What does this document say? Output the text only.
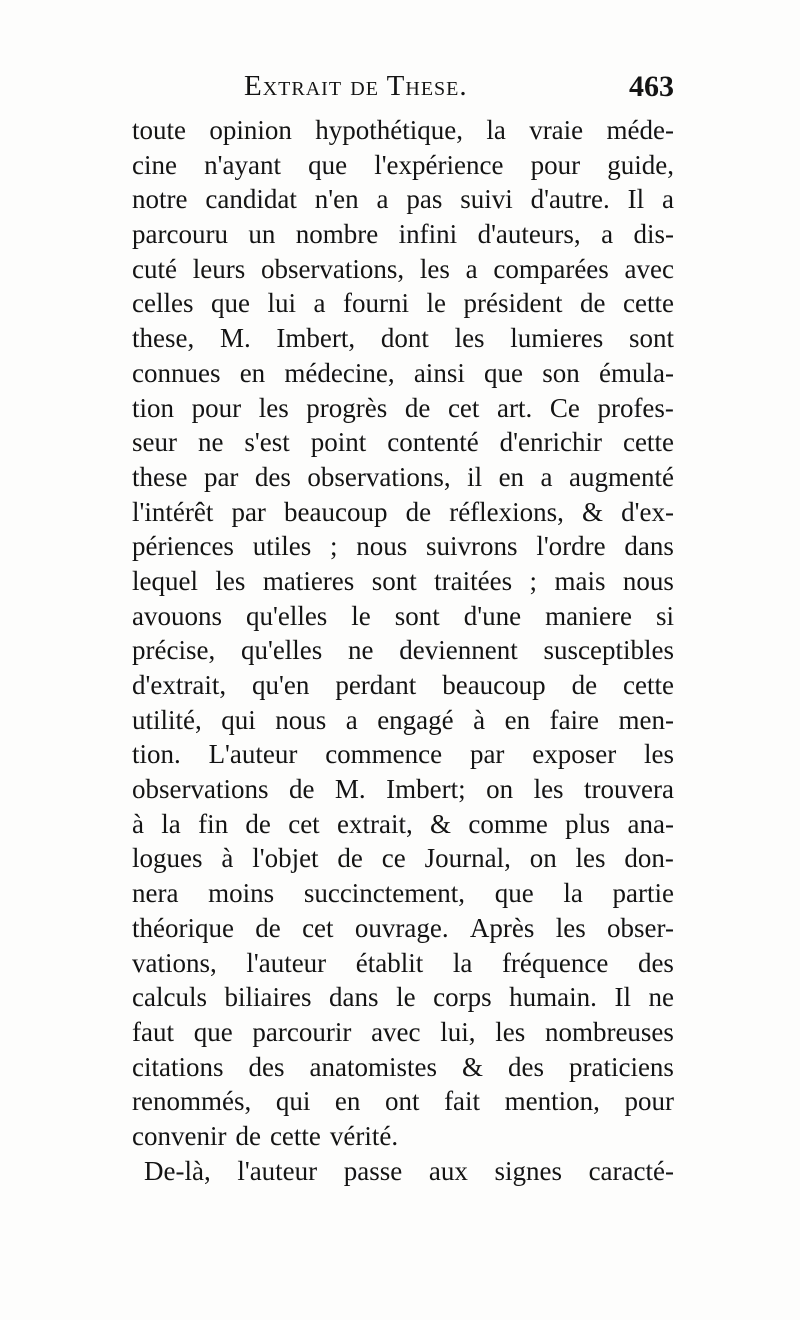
Extrait de These.	463
toute opinion hypothétique, la vraie méde-
cine n'ayant que l'expérience pour guide,
notre candidat n'en a pas suivi d'autre. Il a
parcouru un nombre infini d'auteurs, a dis-
cuté leurs observations, les a comparées avec
celles que lui a fourni le président de cette
these, M. Imbert, dont les lumieres sont
connues en médecine, ainsi que son émula-
tion pour les progrès de cet art. Ce profes-
seur ne s'est point contenté d'enrichir cette
these par des observations, il en a augmenté
l'intérêt par beaucoup de réflexions, & d'ex-
périences utiles ; nous suivrons l'ordre dans
lequel les matieres sont traitées ; mais nous
avouons qu'elles le sont d'une maniere si
précise, qu'elles ne deviennent susceptibles
d'extrait, qu'en perdant beaucoup de cette
utilité, qui nous a engagé à en faire men-
tion. L'auteur commence par exposer les
observations de M. Imbert; on les trouvera
à la fin de cet extrait, & comme plus ana-
logues à l'objet de ce Journal, on les don-
nera moins succinctement, que la partie
théorique de cet ouvrage. Après les obser-
vations, l'auteur établit la fréquence des
calculs biliaires dans le corps humain. Il ne
faut que parcourir avec lui, les nombreuses
citations des anatomistes & des praticiens
renommés, qui en ont fait mention, pour
convenir de cette vérité.
De-là, l'auteur passe aux signes caracté-
